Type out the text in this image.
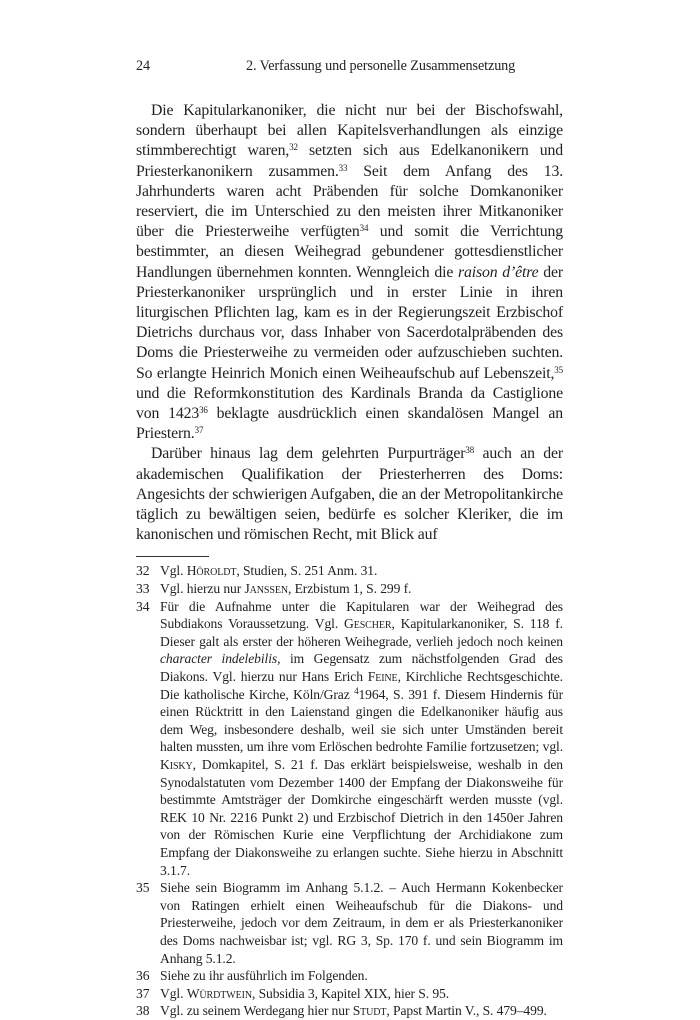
24	2. Verfassung und personelle Zusammensetzung

Die Kapitularkanoniker, die nicht nur bei der Bischofswahl, sondern überhaupt bei allen Kapitelsverhandlungen als einzige stimmberechtigt waren,$^{32}$ setzten sich aus Edelkanonikern und Priesterkanonikern zusammen.$^{33}$ Seit dem Anfang des 13. Jahrhunderts waren acht Präbenden für solche Domkanoniker reserviert, die im Unterschied zu den meisten ihrer Mitkanoniker über die Priesterweihe verfügten$^{34}$ und somit die Verrichtung bestimmter, an diesen Weihegrad gebundener gottesdienstlicher Handlungen übernehmen konnten. Wenngleich die raison d’être der Priesterkanoniker ursprünglich und in erster Linie in ihren liturgischen Pflichten lag, kam es in der Regierungszeit Erzbischof Dietrichs durchaus vor, dass Inhaber von Sacerdotalpräbenden des Doms die Priesterweihe zu vermeiden oder aufzuschieben suchten. So erlangte Heinrich Monich einen Weiheaufschub auf Lebenszeit,$^{35}$ und die Reformkonstitution des Kardinals Branda da Castiglione von 1423$^{36}$ beklagte ausdrücklich einen skandalösen Mangel an Priestern.$^{37}$

Darüber hinaus lag dem gelehrten Purpurträger$^{38}$ auch an der akademischen Qualifikation der Priesterherren des Doms: Angesichts der schwierigen Aufgaben, die an der Metropolitankirche täglich zu bewältigen seien, bedürfe es solcher Kleriker, die im kanonischen und römischen Recht, mit Blick auf

32 Vgl. Höroldt, Studien, S. 251 Anm. 31.
33 Vgl. hierzu nur Janssen, Erzbistum 1, S. 299 f.
34 Für die Aufnahme unter die Kapitularen war der Weihegrad des Subdiakons Voraussetzung. Vgl. Gescher, Kapitularkanoniker, S. 118 f. Dieser galt als erster der höheren Weihegrade, verlieh jedoch noch keinen character indelebilis, im Gegensatz zum nächstfolgenden Grad des Diakons. Vgl. hierzu nur Hans Erich Feine, Kirchliche Rechtsgeschichte. Die katholische Kirche, Köln/Graz $^4$1964, S. 391 f. Diesem Hindernis für einen Rücktritt in den Laienstand gingen die Edelkanoniker häufig aus dem Weg, insbesondere deshalb, weil sie sich unter Umständen bereit halten mussten, um ihre vom Erlöschen bedrohte Familie fortzusetzen; vgl. Kisky, Domkapitel, S. 21 f. Das erklärt beispielsweise, weshalb in den Synodalstatuten vom Dezember 1400 der Empfang der Diakonsweihe für bestimmte Amtsträger der Domkirche eingeschärft werden musste (vgl. REK 10 Nr. 2216 Punkt 2) und Erzbischof Dietrich in den 1450er Jahren von der Römischen Kurie eine Verpflichtung der Archidiakone zum Empfang der Diakonsweihe zu erlangen suchte. Siehe hierzu in Abschnitt 3.1.7.
35 Siehe sein Biogramm im Anhang 5.1.2. – Auch Hermann Kokenbecker von Ratingen erhielt einen Weiheaufschub für die Diakons- und Priesterweihe, jedoch vor dem Zeitraum, in dem er als Priesterkanoniker des Doms nachweisbar ist; vgl. RG 3, Sp. 170 f. und sein Biogramm im Anhang 5.1.2.
36 Siehe zu ihr ausführlich im Folgenden.
37 Vgl. Würdtwein, Subsidia 3, Kapitel XIX, hier S. 95.
38 Vgl. zu seinem Werdegang hier nur Studt, Papst Martin V., S. 479–499.
